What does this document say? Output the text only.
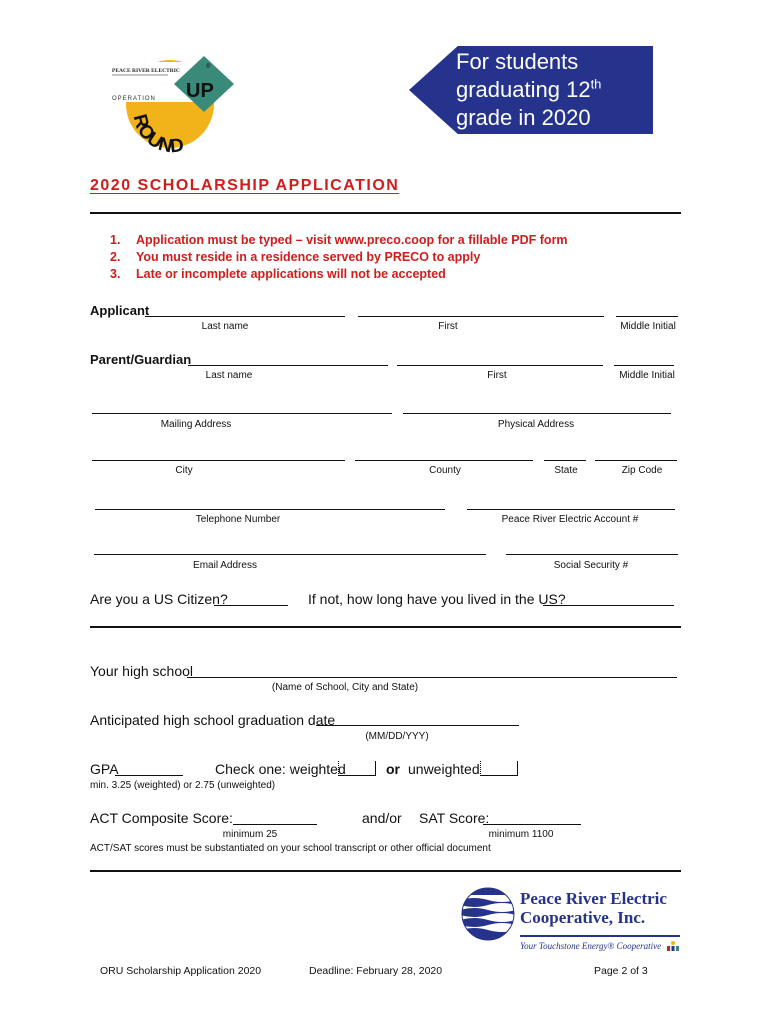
PEACE RIVER ELECTRIC
OPERATION UP
®
ROUND
For students
graduating 12th
grade in 2020
2020 SCHOLARSHIP APPLICATION
1. Application must be typed – visit www.preco.coop for a fillable PDF form
2. You must reside in a residence served by PRECO to apply
3. Late or incomplete applications will not be accepted
Applicant
Last name	First	Middle Initial
Parent/Guardian
Last name	First	Middle Initial
Mailing Address	Physical Address
City	County	State	Zip Code
Telephone Number	Peace River Electric Account #
Email Address	Social Security #
Are you a US Citizen?	If not, how long have you lived in the US?
Your high school
(Name of School, City and State)
Anticipated high school graduation date
(MM/DD/YYY)
GPA	Check one: weighted	or unweighted
min. 3.25 (weighted) or 2.75 (unweighted)
ACT Composite Score:
minimum 25
and/or SAT Score:
minimum 1100
ACT/SAT scores must be substantiated on your school transcript or other official document
Peace River Electric
Cooperative, Inc.
Your Touchstone Energy® Cooperative
ORU Scholarship Application 2020	Deadline: February 28, 2020	Page 2 of 3
